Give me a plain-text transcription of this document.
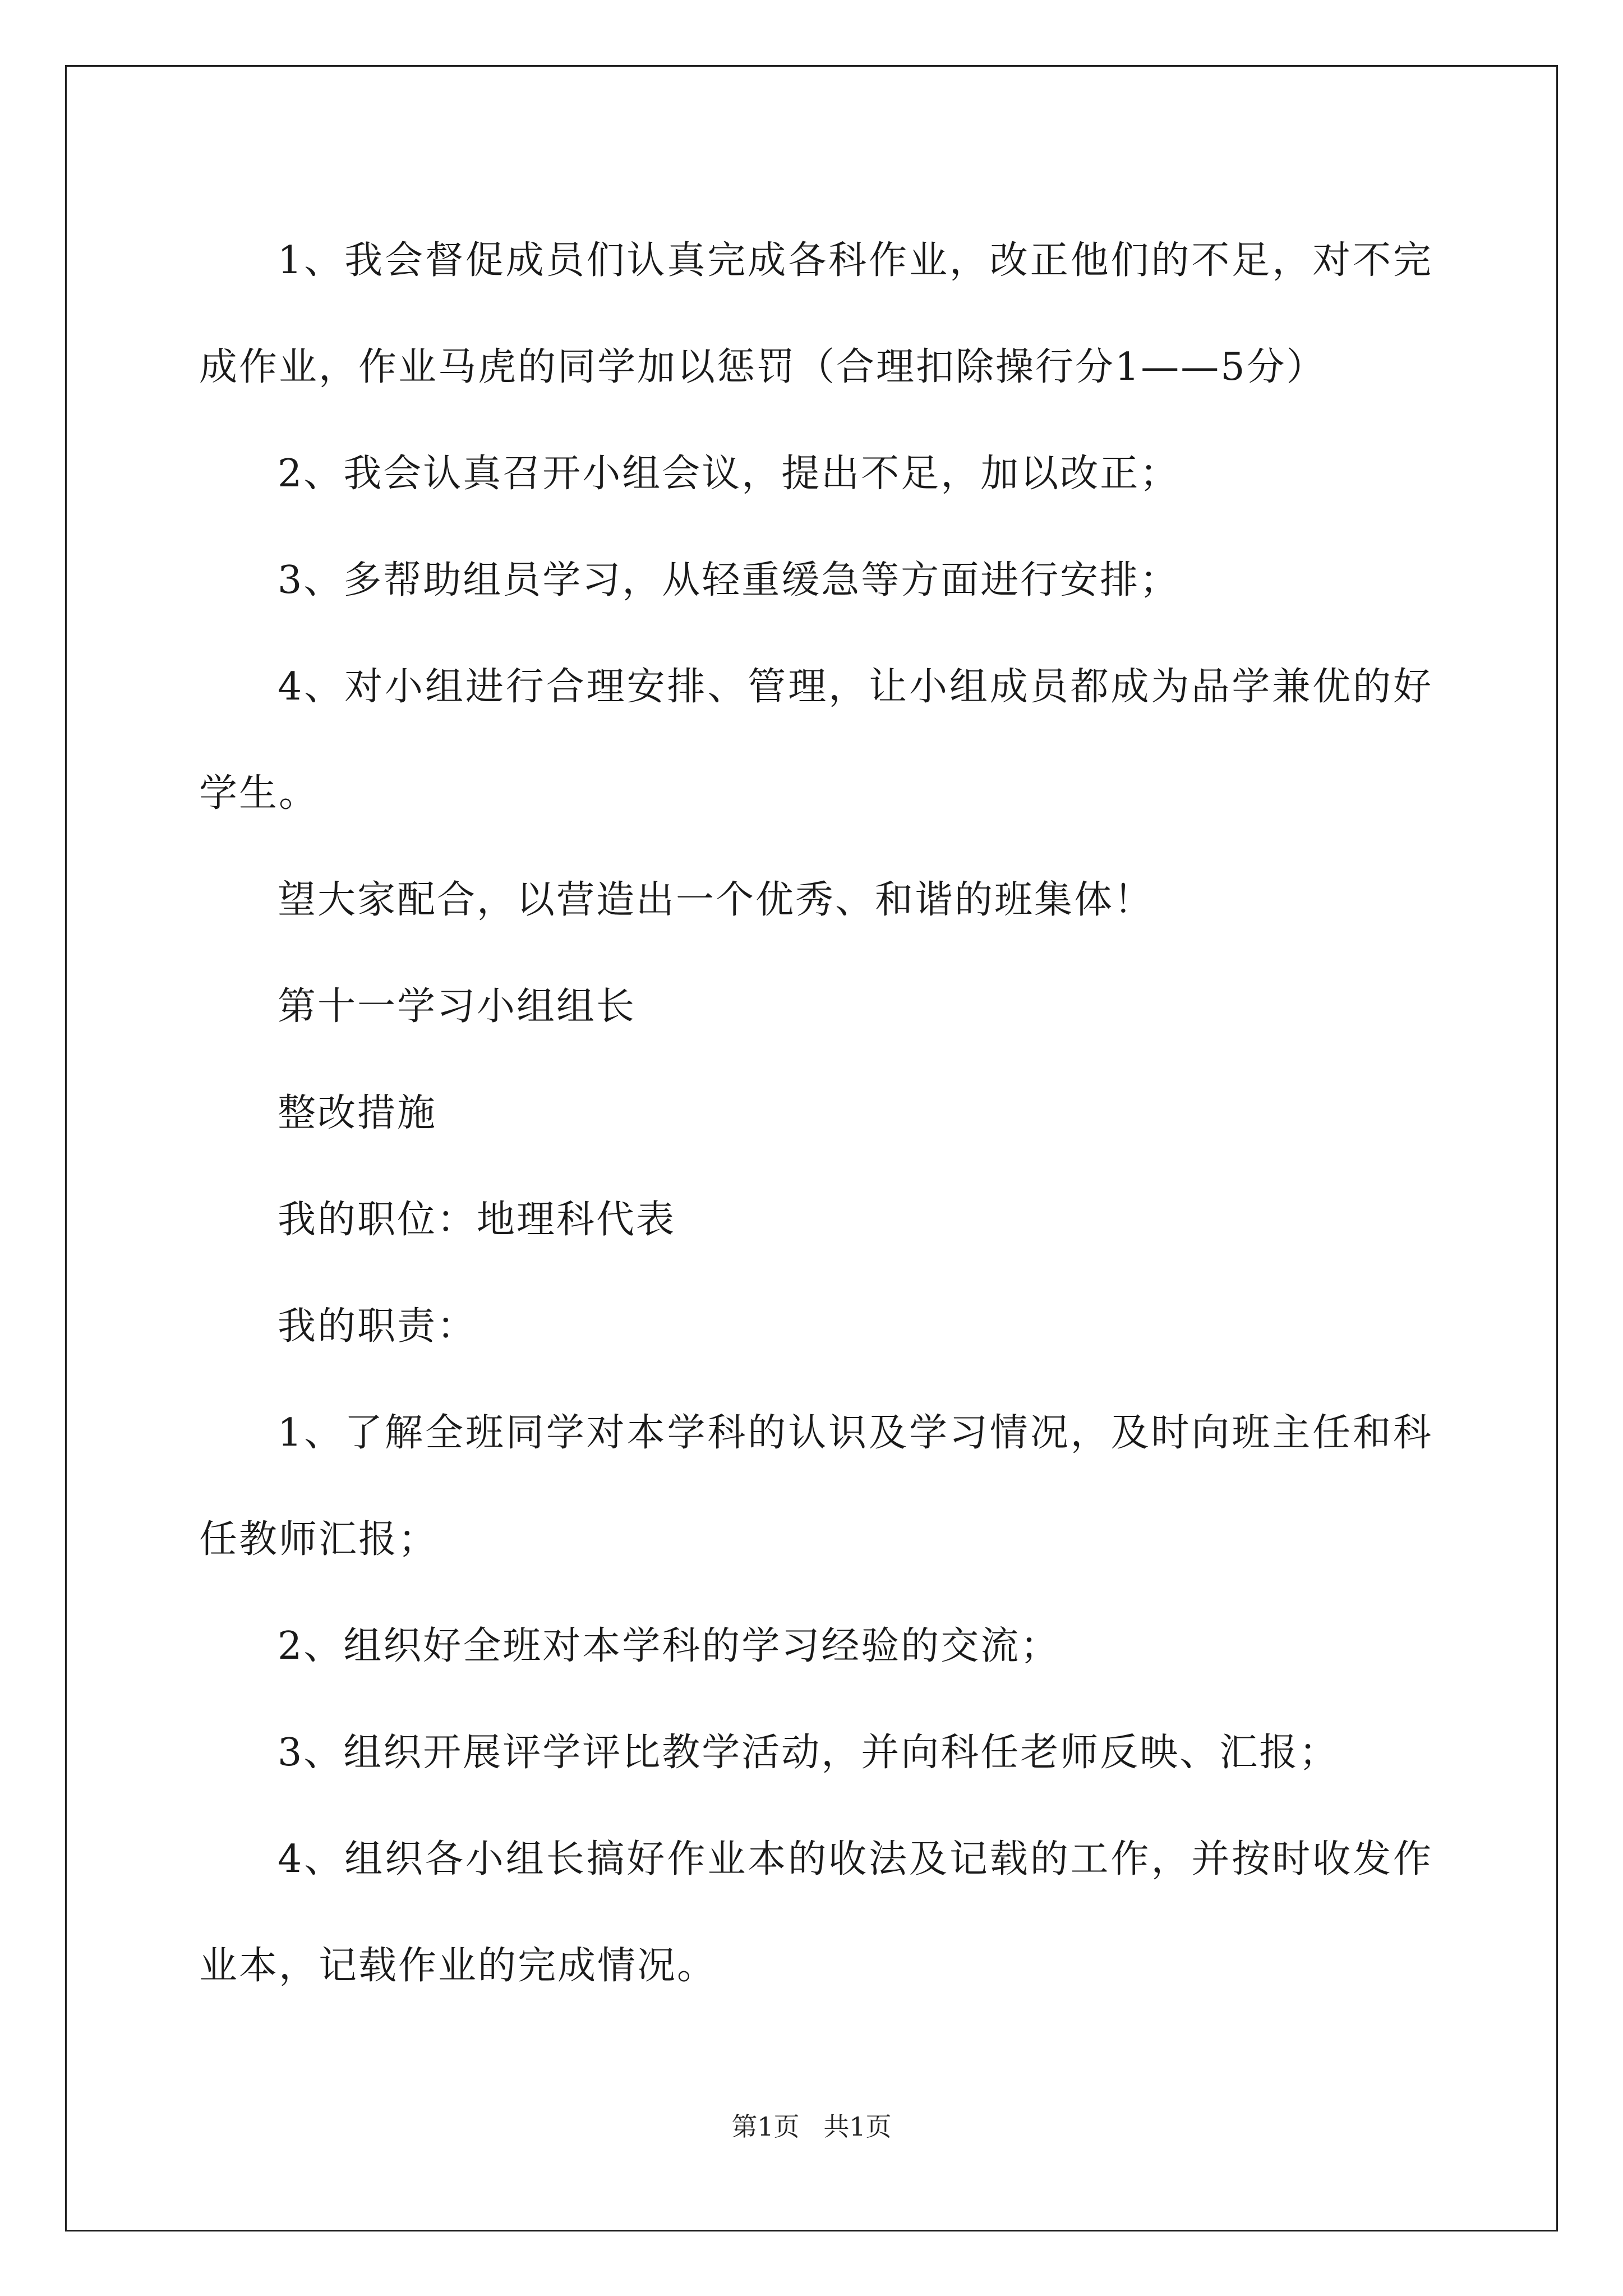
1、我会督促成员们认真完成各科作业，改正他们的不足，对不完成作业，作业马虎的同学加以惩罚（合理扣除操行分1——5分）

2、我会认真召开小组会议，提出不足，加以改正；

3、多帮助组员学习，从轻重缓急等方面进行安排；

4、对小组进行合理安排、管理，让小组成员都成为品学兼优的好学生。

望大家配合，以营造出一个优秀、和谐的班集体！

第十一学习小组组长

整改措施

我的职位：地理科代表

我的职责：

1、了解全班同学对本学科的认识及学习情况，及时向班主任和科任教师汇报；

2、组织好全班对本学科的学习经验的交流；

3、组织开展评学评比教学活动，并向科任老师反映、汇报；

4、组织各小组长搞好作业本的收法及记载的工作，并按时收发作业本，记载作业的完成情况。

第1页 共1页
